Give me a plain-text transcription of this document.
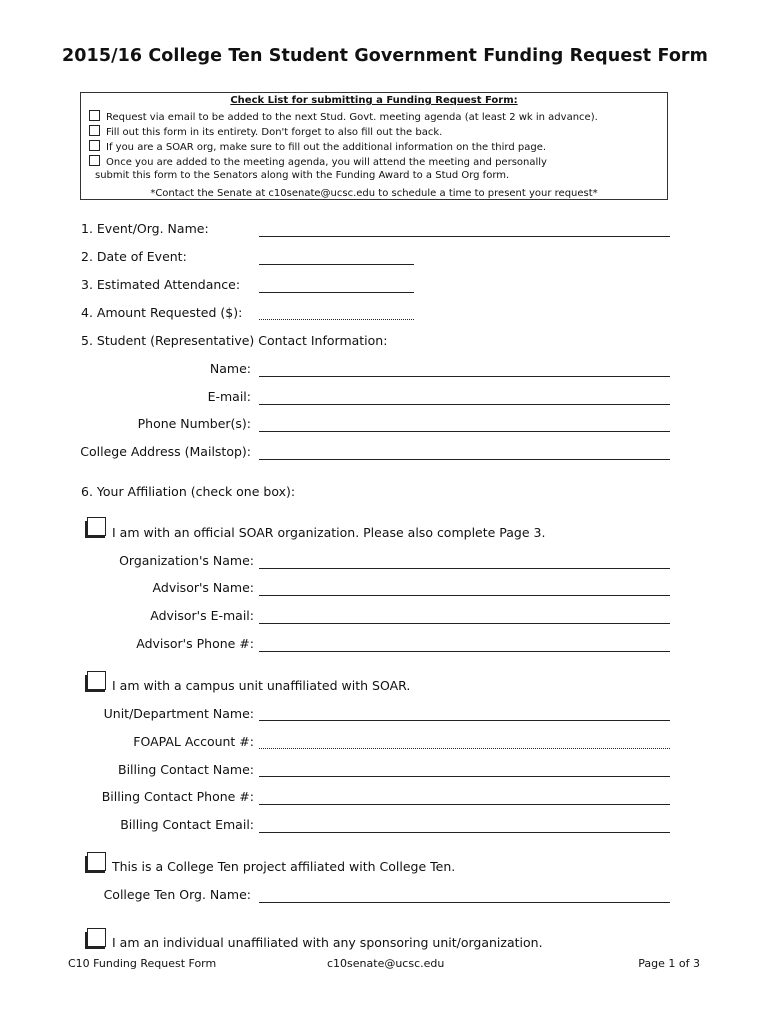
2015/16 College Ten Student Government Funding Request Form
Check List for submitting a Funding Request Form:
Request via email to be added to the next Stud. Govt. meeting agenda (at least 2 wk in advance).
Fill out this form in its entirety. Don't forget to also fill out the back.
If you are a SOAR org, make sure to fill out the additional information on the third page.
Once you are added to the meeting agenda, you will attend the meeting and personally
submit this form to the Senators along with the Funding Award to a Stud Org form.
*Contact the Senate at c10senate@ucsc.edu to schedule a time to present your request*
1. Event/Org. Name:
2. Date of Event:
3. Estimated Attendance:
4. Amount Requested ($):
5. Student (Representative) Contact Information:
Name:
E-mail:
Phone Number(s):
College Address (Mailstop):
6. Your Affiliation (check one box):
I am with an official SOAR organization. Please also complete Page 3.
Organization's Name:
Advisor's Name:
Advisor's E-mail:
Advisor's Phone #:
I am with a campus unit unaffiliated with SOAR.
Unit/Department Name:
FOAPAL Account #:
Billing Contact Name:
Billing Contact Phone #:
Billing Contact Email:
This is a College Ten project affiliated with College Ten.
College Ten Org. Name:
I am an individual unaffiliated with any sponsoring unit/organization.
C10 Funding Request Form	c10senate@ucsc.edu	Page 1 of 3
